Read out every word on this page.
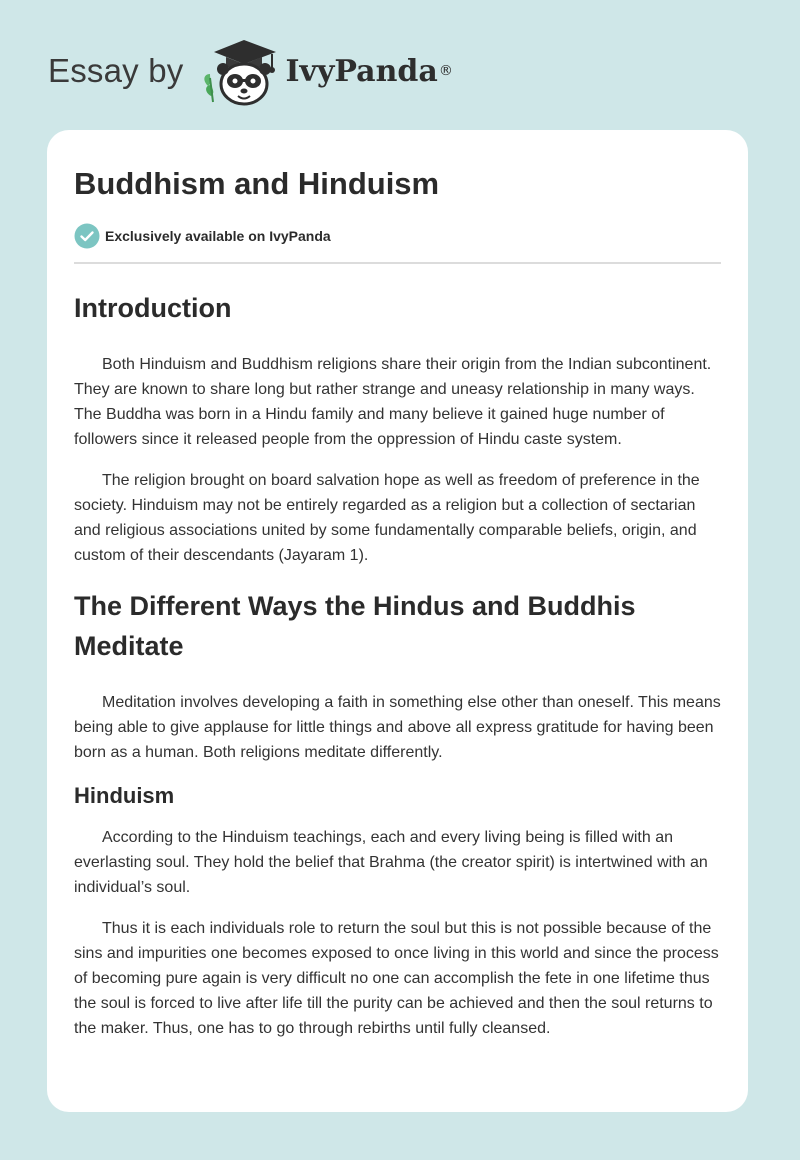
Essay by	IvyPanda ®
Buddhism and Hinduism
Exclusively available on IvyPanda
Introduction

Both Hinduism and Buddhism religions share their origin from the Indian subcontinent. They are known to share long but rather strange and uneasy relationship in many ways. The Buddha was born in a Hindu family and many believe it gained huge number of followers since it released people from the oppression of Hindu caste system.

The religion brought on board salvation hope as well as freedom of preference in the society. Hinduism may not be entirely regarded as a religion but a collection of sectarian and religious associations united by some fundamentally comparable beliefs, origin, and custom of their descendants (Jayaram 1).

The Different Ways the Hindus and Buddhis Meditate

Meditation involves developing a faith in something else other than oneself. This means being able to give applause for little things and above all express gratitude for having been born as a human. Both religions meditate differently.

Hinduism

According to the Hinduism teachings, each and every living being is filled with an everlasting soul. They hold the belief that Brahma (the creator spirit) is intertwined with an individual’s soul.

Thus it is each individuals role to return the soul but this is not possible because of the sins and impurities one becomes exposed to once living in this world and since the process of becoming pure again is very difficult no one can accomplish the fete in one lifetime thus the soul is forced to live after life till the purity can be achieved and then the soul returns to the maker. Thus, one has to go through rebirths until fully cleansed.
